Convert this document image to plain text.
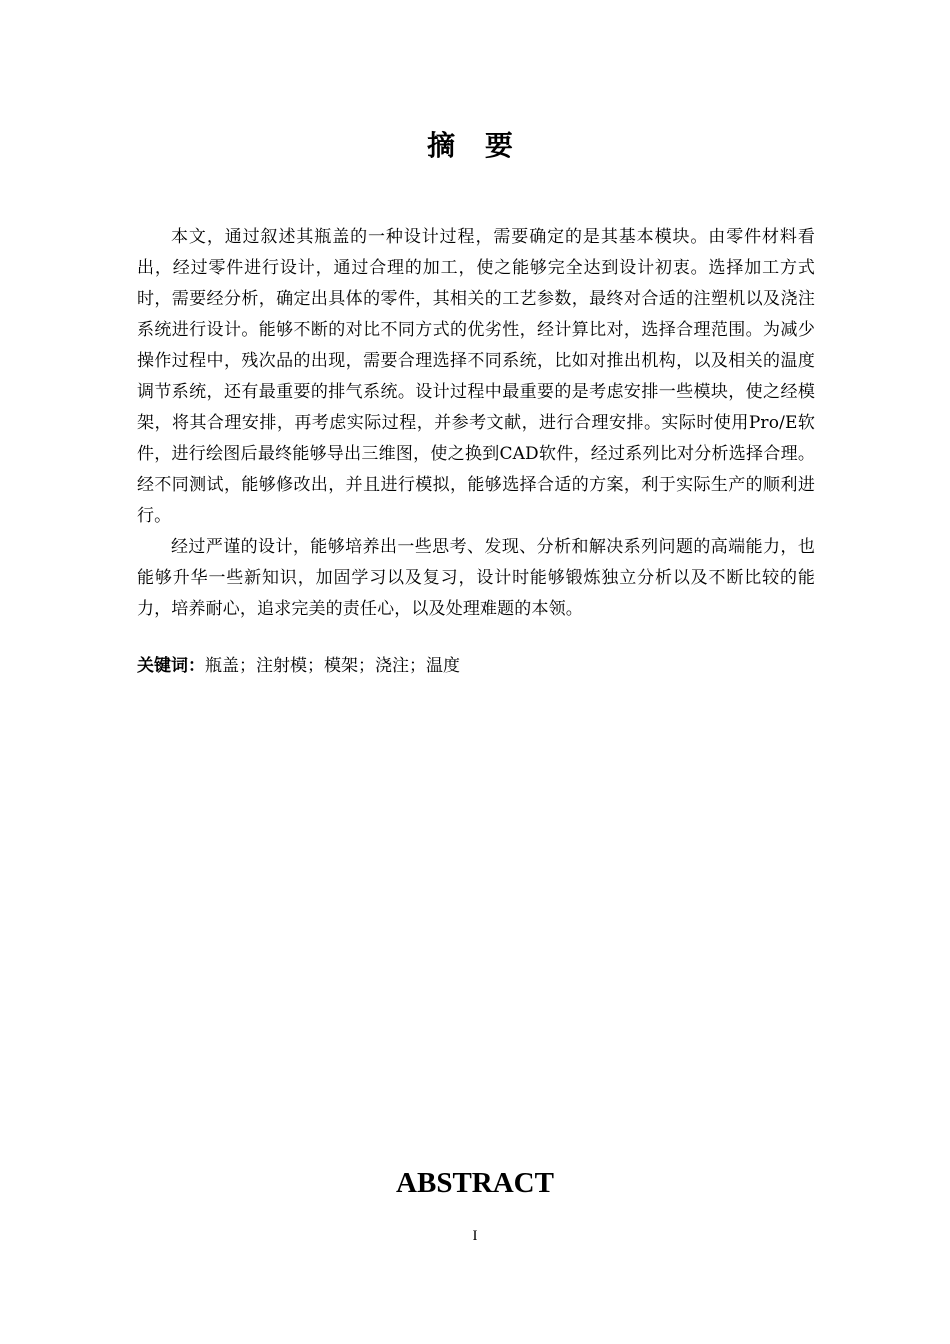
摘 要

本文，通过叙述其瓶盖的一种设计过程，需要确定的是其基本模块。由零件材料看出，经过零件进行设计，通过合理的加工，使之能够完全达到设计初衷。选择加工方式时，需要经分析，确定出具体的零件，其相关的工艺参数，最终对合适的注塑机以及浇注系统进行设计。能够不断的对比不同方式的优劣性，经计算比对，选择合理范围。为减少操作过程中，残次品的出现，需要合理选择不同系统，比如对推出机构，以及相关的温度调节系统，还有最重要的排气系统。设计过程中最重要的是考虑安排一些模块，使之经模架，将其合理安排，再考虑实际过程，并参考文献，进行合理安排。实际时使用Pro/E软件，进行绘图后最终能够导出三维图，使之换到CAD软件，经过系列比对分析选择合理。经不同测试，能够修改出，并且进行模拟，能够选择合适的方案，利于实际生产的顺利进行。

经过严谨的设计，能够培养出一些思考、发现、分析和解决系列问题的高端能力，也能够升华一些新知识，加固学习以及复习，设计时能够锻炼独立分析以及不断比较的能力，培养耐心，追求完美的责任心，以及处理难题的本领。

关键词：瓶盖；注射模；模架；浇注；温度
ABSTRACT
I
